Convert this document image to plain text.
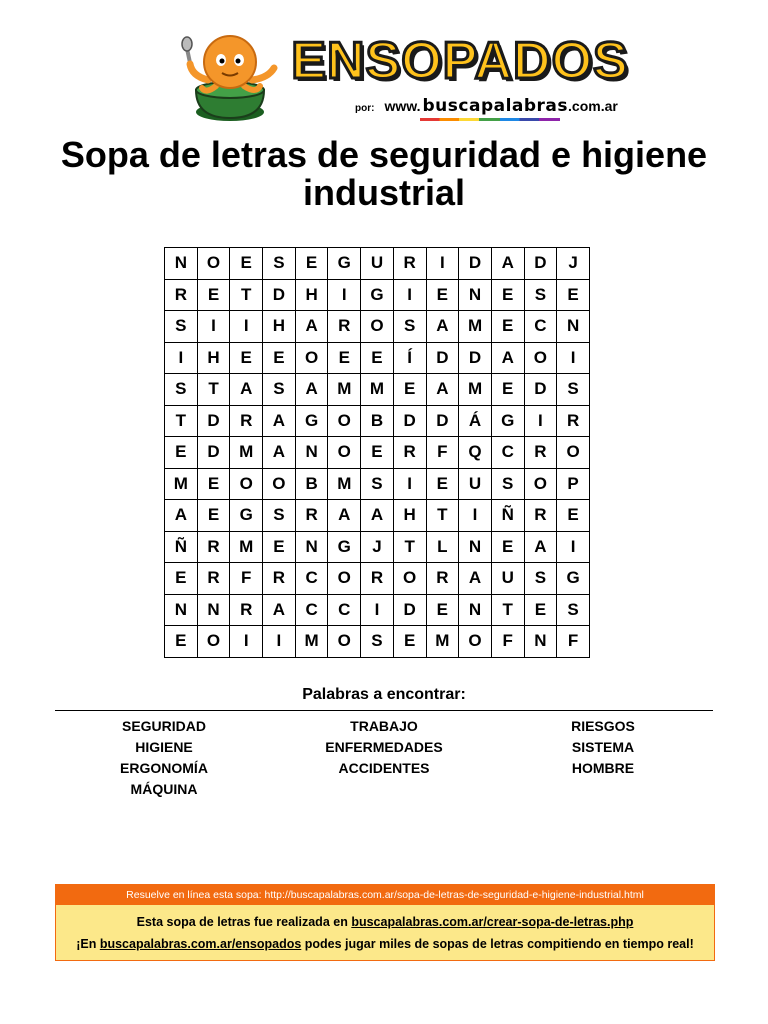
ENSOPADOS
por: www. buscapalabras .com.ar
Sopa de letras de seguridad e higiene industrial
N	O	E	S	E	G	U	R	I	D	A	D	J
R	E	T	D	H	I	G	I	E	N	E	S	E
S	I	I	H	A	R	O	S	A	M	E	C	N
I	H	E	E	O	E	E	Í	D	D	A	O	I
S	T	A	S	A	M	M	E	A	M	E	D	S
T	D	R	A	G	O	B	D	D	Á	G	I	R
E	D	M	A	N	O	E	R	F	Q	C	R	O
M	E	O	O	B	M	S	I	E	U	S	O	P
A	E	G	S	R	A	A	H	T	I	Ñ	R	E
Ñ	R	M	E	N	G	J	T	L	N	E	A	I
E	R	F	R	C	O	R	O	R	A	U	S	G
N	N	R	A	C	C	I	D	E	N	T	E	S
E	O	I	I	M	O	S	E	M	O	F	N	F
Palabras a encontrar:
SEGURIDAD
HIGIENE
ERGONOMÍA
MÁQUINA
TRABAJO
ENFERMEDADES
ACCIDENTES
RIESGOS
SISTEMA
HOMBRE
Resuelve en línea esta sopa: http://buscapalabras.com.ar/sopa-de-letras-de-seguridad-e-higiene-industrial.html
Esta sopa de letras fue realizada en buscapalabras.com.ar/crear-sopa-de-letras.php
¡En buscapalabras.com.ar/ensopados podes jugar miles de sopas de letras compitiendo en tiempo real!
